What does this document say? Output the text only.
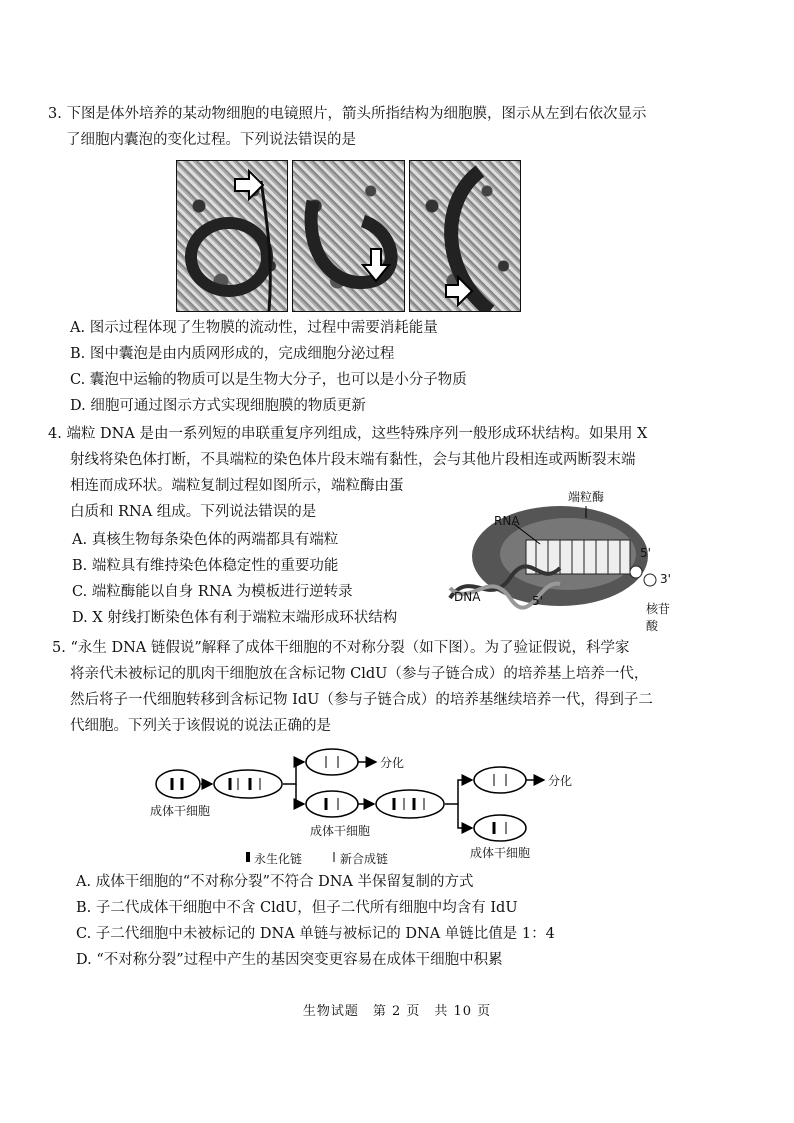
3. 下图是体外培养的某动物细胞的电镜照片，箭头所指结构为细胞膜，图示从左到右依次显示
了细胞内囊泡的变化过程。下列说法错误的是
A. 图示过程体现了生物膜的流动性，过程中需要消耗能量
B. 图中囊泡是由内质网形成的，完成细胞分泌过程
C. 囊泡中运输的物质可以是生物大分子，也可以是小分子物质
D. 细胞可通过图示方式实现细胞膜的物质更新
4. 端粒 DNA 是由一系列短的串联重复序列组成，这些特殊序列一般形成环状结构。如果用 X
射线将染色体打断，不具端粒的染色体片段末端有黏性，会与其他片段相连或两断裂末端
相连而成环状。端粒复制过程如图所示，端粒酶由蛋
白质和 RNA 组成。下列说法错误的是
A. 真核生物每条染色体的两端都具有端粒
B. 端粒具有维持染色体稳定性的重要功能
C. 端粒酶能以自身 RNA 为模板进行逆转录
D. X 射线打断染色体有利于端粒末端形成环状结构
端粒酶
RNA
DNA
核苷酸
5'
3'
5'
5. “永生 DNA 链假说”解释了成体干细胞的不对称分裂（如下图）。为了验证假说，科学家
将亲代未被标记的肌肉干细胞放在含标记物 CldU（参与子链合成）的培养基上培养一代，
然后将子一代细胞转移到含标记物 IdU（参与子链合成）的培养基继续培养一代，得到子二
代细胞。下列关于该假说的说法正确的是
分化
分化
成体干细胞
成体干细胞
成体干细胞
永生化链	新合成链
A. 成体干细胞的“不对称分裂”不符合 DNA 半保留复制的方式
B. 子二代成体干细胞中不含 CldU，但子二代所有细胞中均含有 IdU
C. 子二代细胞中未被标记的 DNA 单链与被标记的 DNA 单链比值是 1：4
D. “不对称分裂”过程中产生的基因突变更容易在成体干细胞中积累
生物试题　第 2 页　共 10 页
